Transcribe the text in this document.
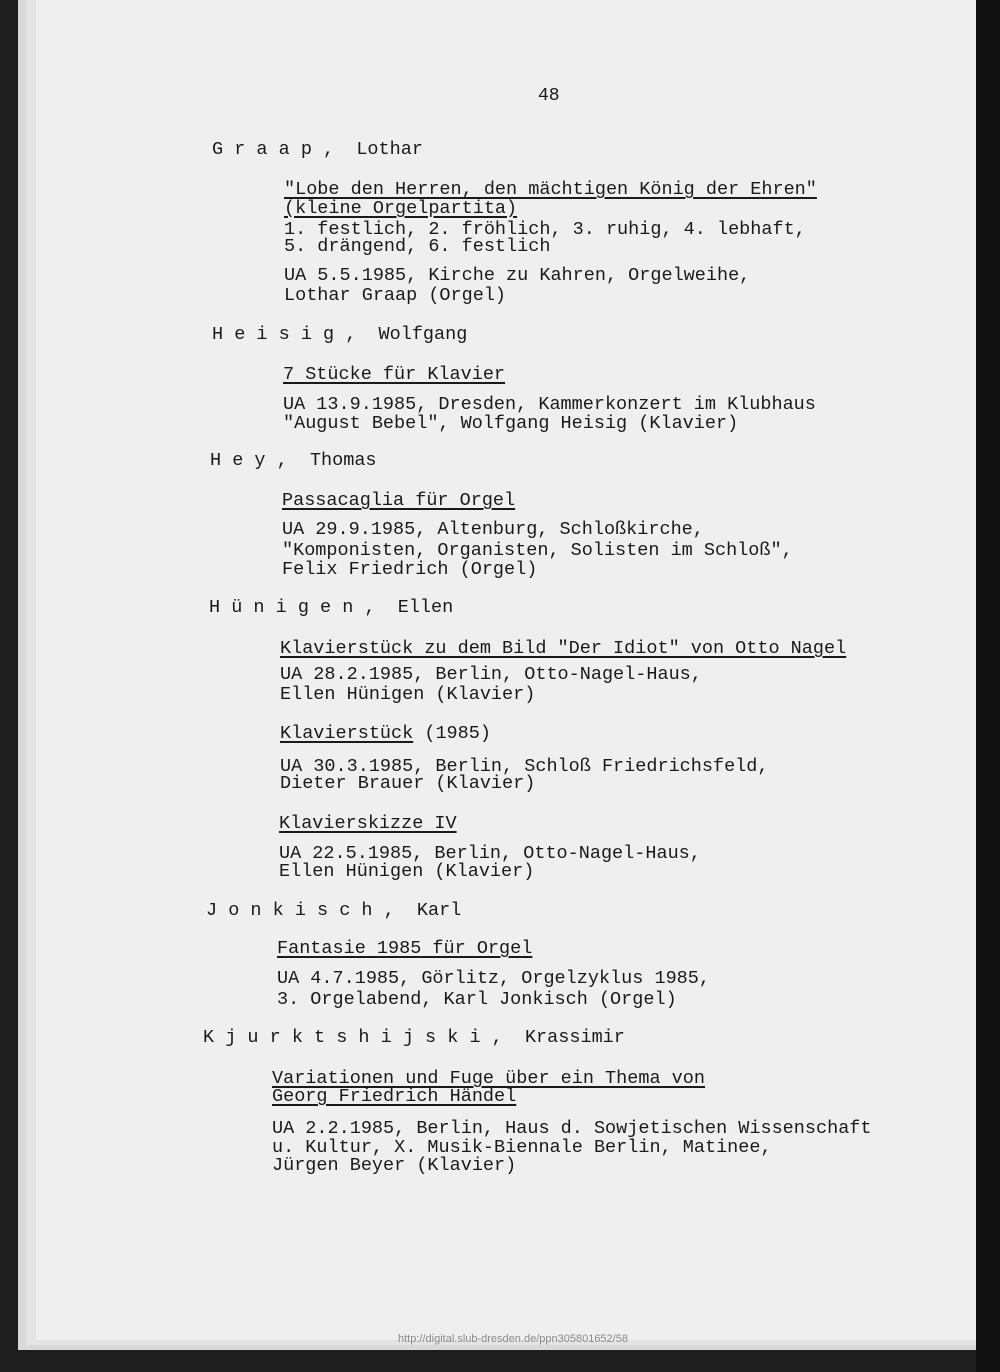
48
G r a a p ,  Lothar
"Lobe den Herren, den mächtigen König der Ehren"
(kleine Orgelpartita)
1. festlich, 2. fröhlich, 3. ruhig, 4. lebhaft,
5. drängend, 6. festlich
UA 5.5.1985, Kirche zu Kahren, Orgelweihe,
Lothar Graap (Orgel)
H e i s i g ,  Wolfgang
7 Stücke für Klavier
UA 13.9.1985, Dresden, Kammerkonzert im Klubhaus
"August Bebel", Wolfgang Heisig (Klavier)
H e y ,  Thomas
Passacaglia für Orgel
UA 29.9.1985, Altenburg, Schloßkirche,
"Komponisten, Organisten, Solisten im Schloß",
Felix Friedrich (Orgel)
H ü n i g e n ,  Ellen
Klavierstück zu dem Bild "Der Idiot" von Otto Nagel
UA 28.2.1985, Berlin, Otto-Nagel-Haus,
Ellen Hünigen (Klavier)
Klavierstück (1985)
UA 30.3.1985, Berlin, Schloß Friedrichsfeld,
Dieter Brauer (Klavier)
Klavierskizze IV
UA 22.5.1985, Berlin, Otto-Nagel-Haus,
Ellen Hünigen (Klavier)
J o n k i s c h ,  Karl
Fantasie 1985 für Orgel
UA 4.7.1985, Görlitz, Orgelzyklus 1985,
3. Orgelabend, Karl Jonkisch (Orgel)
K j u r k t s h i j s k i ,  Krassimir
Variationen und Fuge über ein Thema von
Georg Friedrich Händel
UA 2.2.1985, Berlin, Haus d. Sowjetischen Wissenschaft
u. Kultur, X. Musik-Biennale Berlin, Matinee,
Jürgen Beyer (Klavier)
http://digital.slub-dresden.de/ppn305801652/58
